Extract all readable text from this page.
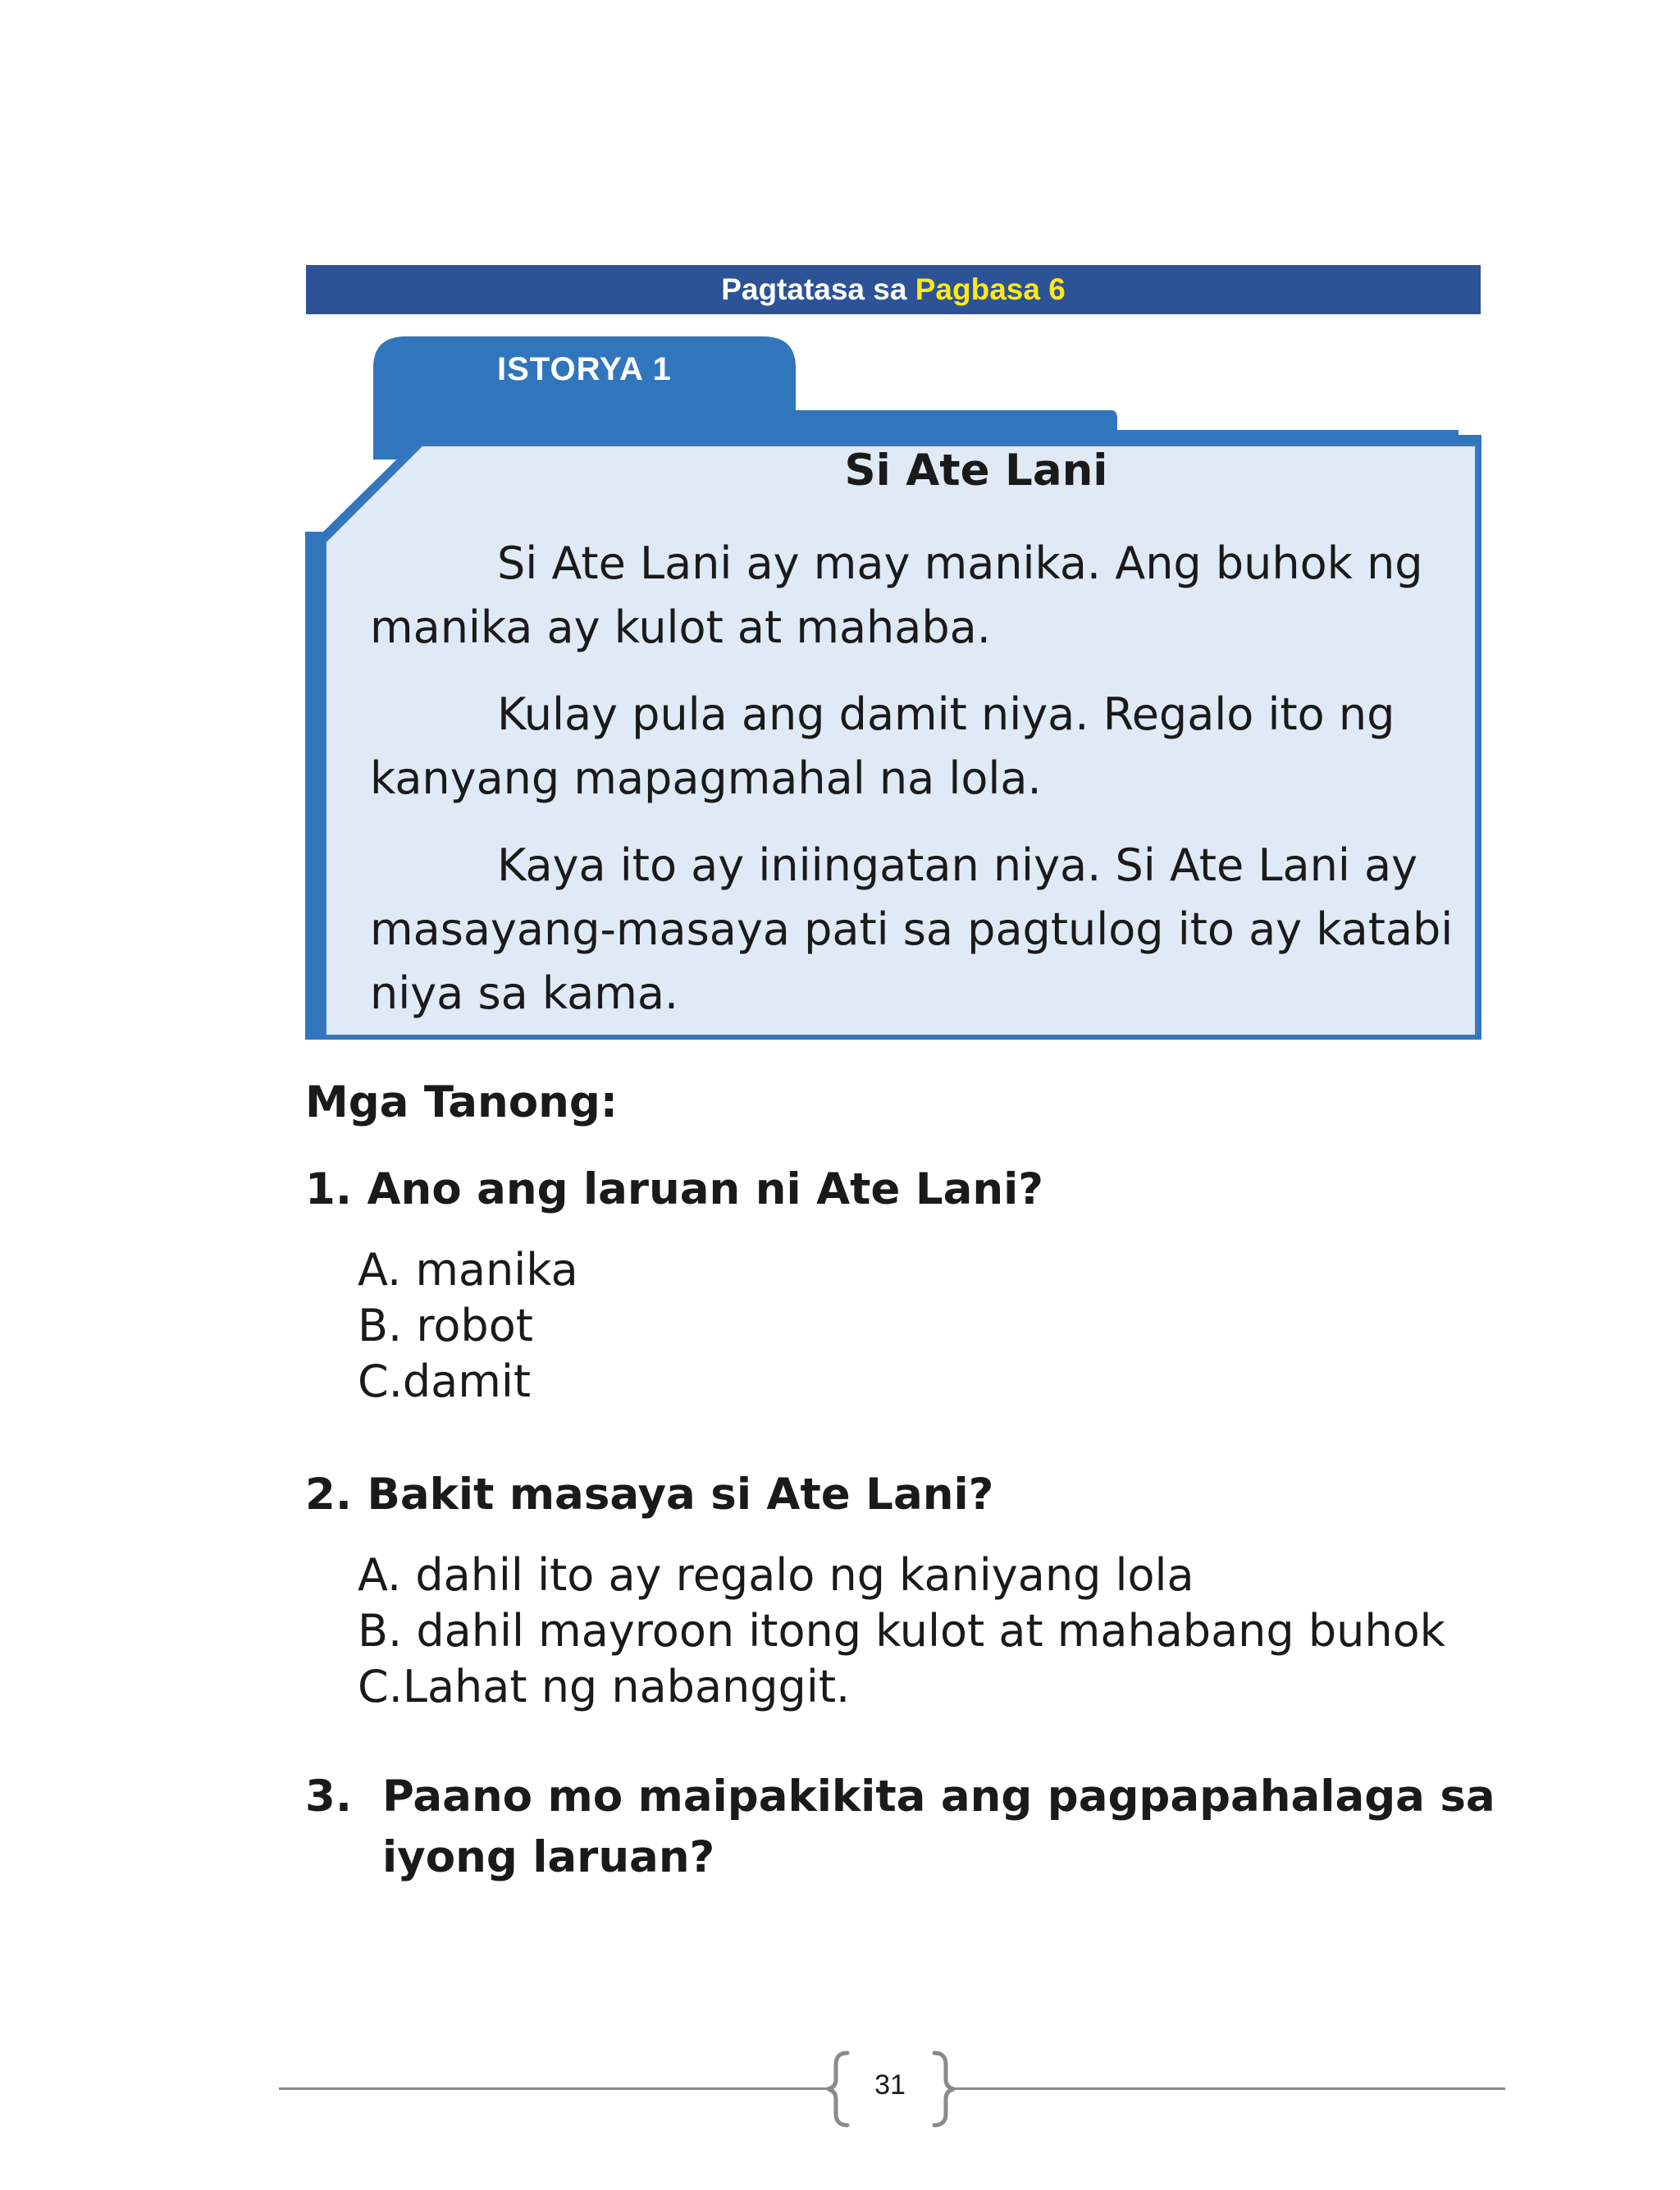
Pagtatasa sa Pagbasa 6
ISTORYA 1
Si Ate Lani

Si Ate Lani ay may manika. Ang buhok ng manika ay kulot at mahaba.

Kulay pula ang damit niya. Regalo ito ng kanyang mapagmahal na lola.

Kaya ito ay iniingatan niya. Si Ate Lani ay masayang-masaya pati sa pagtulog ito ay katabi niya sa kama.

Mga Tanong:
1. Ano ang laruan ni Ate Lani?
A. manika
B. robot
C.damit
2. Bakit masaya si Ate Lani?
A. dahil ito ay regalo ng kaniyang lola
B. dahil mayroon itong kulot at mahabang buhok
C.Lahat ng nabanggit.
3. Paano mo maipakikita ang pagpapahalaga sa iyong laruan?
31
